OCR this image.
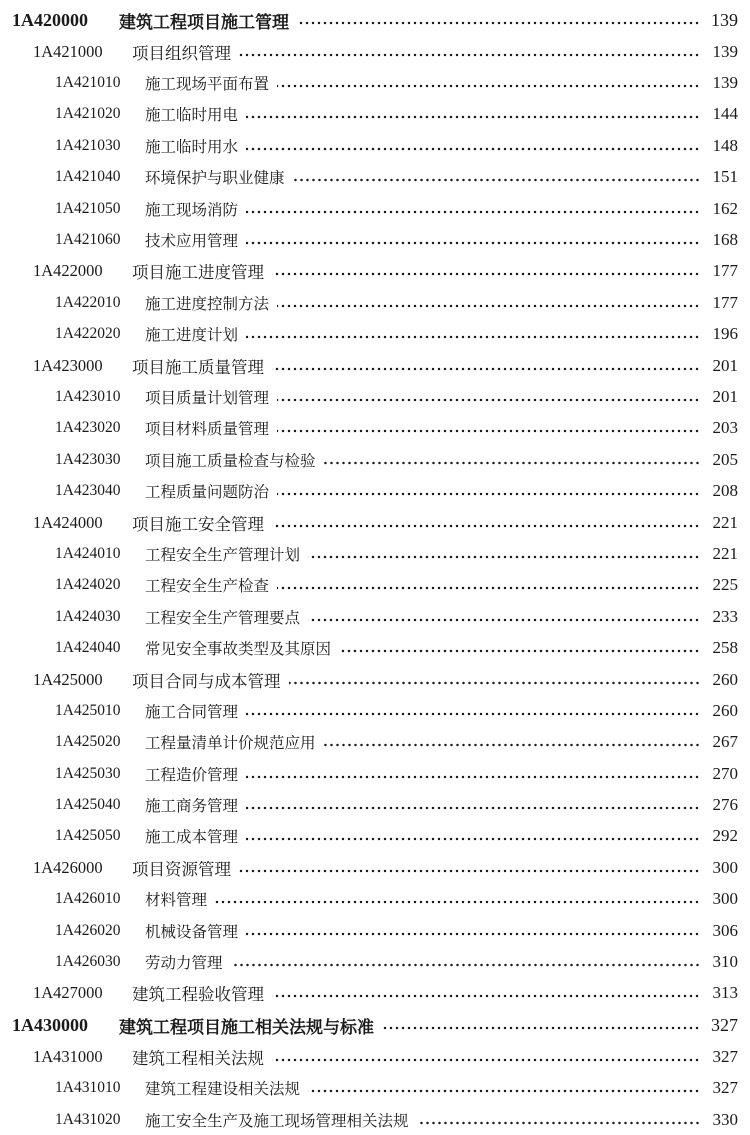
1A420000	建筑工程项目施工管理	139
1A421000	项目组织管理	139
1A421010	施工现场平面布置	139
1A421020	施工临时用电	144
1A421030	施工临时用水	148
1A421040	环境保护与职业健康	151
1A421050	施工现场消防	162
1A421060	技术应用管理	168
1A422000	项目施工进度管理	177
1A422010	施工进度控制方法	177
1A422020	施工进度计划	196
1A423000	项目施工质量管理	201
1A423010	项目质量计划管理	201
1A423020	项目材料质量管理	203
1A423030	项目施工质量检查与检验	205
1A423040	工程质量问题防治	208
1A424000	项目施工安全管理	221
1A424010	工程安全生产管理计划	221
1A424020	工程安全生产检查	225
1A424030	工程安全生产管理要点	233
1A424040	常见安全事故类型及其原因	258
1A425000	项目合同与成本管理	260
1A425010	施工合同管理	260
1A425020	工程量清单计价规范应用	267
1A425030	工程造价管理	270
1A425040	施工商务管理	276
1A425050	施工成本管理	292
1A426000	项目资源管理	300
1A426010	材料管理	300
1A426020	机械设备管理	306
1A426030	劳动力管理	310
1A427000	建筑工程验收管理	313
1A430000	建筑工程项目施工相关法规与标准	327
1A431000	建筑工程相关法规	327
1A431010	建筑工程建设相关法规	327
1A431020	施工安全生产及施工现场管理相关法规	330
